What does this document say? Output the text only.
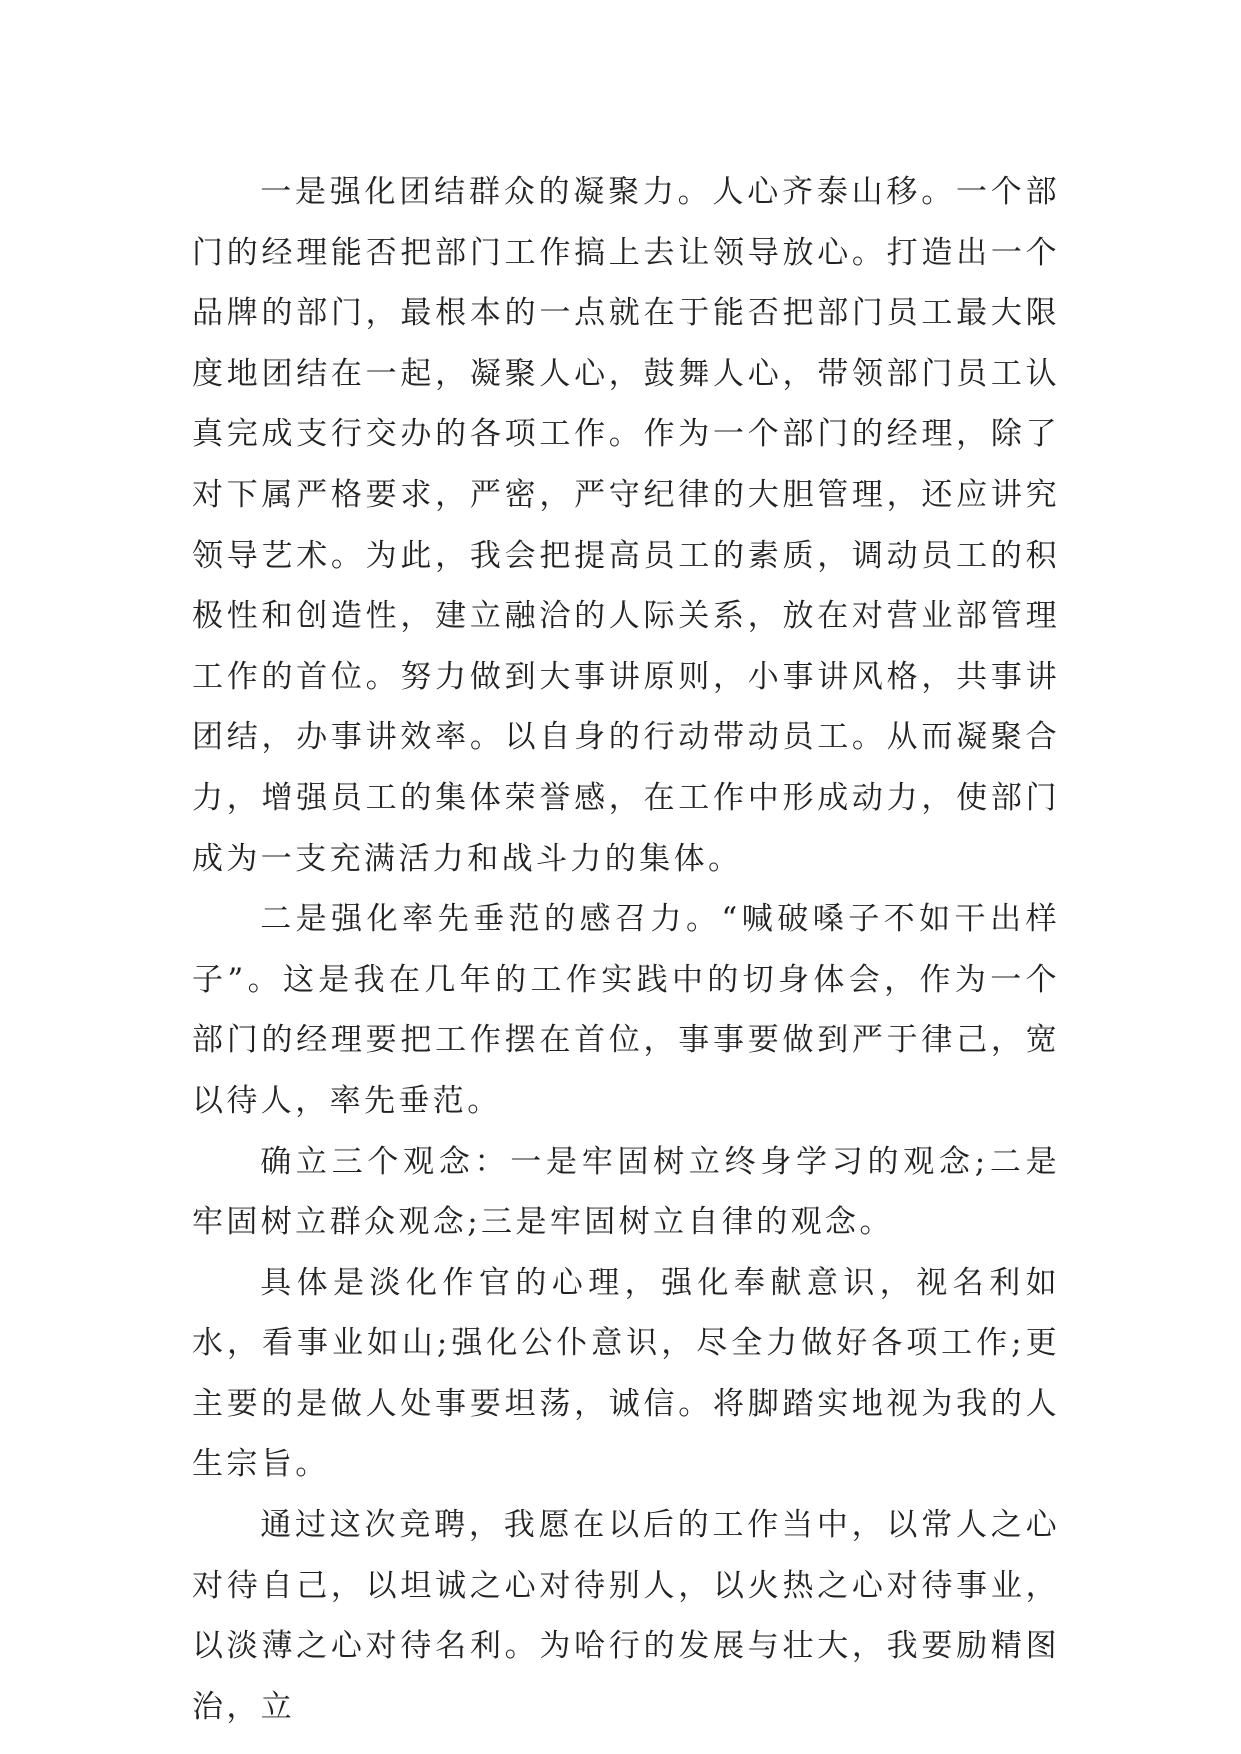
一是强化团结群众的凝聚力。人心齐泰山移。一个部门的经理能否把部门工作搞上去让领导放心。打造出一个品牌的部门，最根本的一点就在于能否把部门员工最大限度地团结在一起，凝聚人心，鼓舞人心，带领部门员工认真完成支行交办的各项工作。作为一个部门的经理，除了对下属严格要求，严密，严守纪律的大胆管理，还应讲究领导艺术。为此，我会把提高员工的素质，调动员工的积极性和创造性，建立融洽的人际关系，放在对营业部管理工作的首位。努力做到大事讲原则，小事讲风格，共事讲团结，办事讲效率。以自身的行动带动员工。从而凝聚合力，增强员工的集体荣誉感，在工作中形成动力，使部门成为一支充满活力和战斗力的集体。

二是强化率先垂范的感召力。“喊破嗓子不如干出样子”。这是我在几年的工作实践中的切身体会，作为一个部门的经理要把工作摆在首位，事事要做到严于律己，宽以待人，率先垂范。

确立三个观念：一是牢固树立终身学习的观念;二是牢固树立群众观念;三是牢固树立自律的观念。

具体是淡化作官的心理，强化奉献意识，视名利如水，看事业如山;强化公仆意识，尽全力做好各项工作;更主要的是做人处事要坦荡，诚信。将脚踏实地视为我的人生宗旨。

通过这次竞聘，我愿在以后的工作当中，以常人之心对待自己，以坦诚之心对待别人，以火热之心对待事业，以淡薄之心对待名利。为哈行的发展与壮大，我要励精图治，立
